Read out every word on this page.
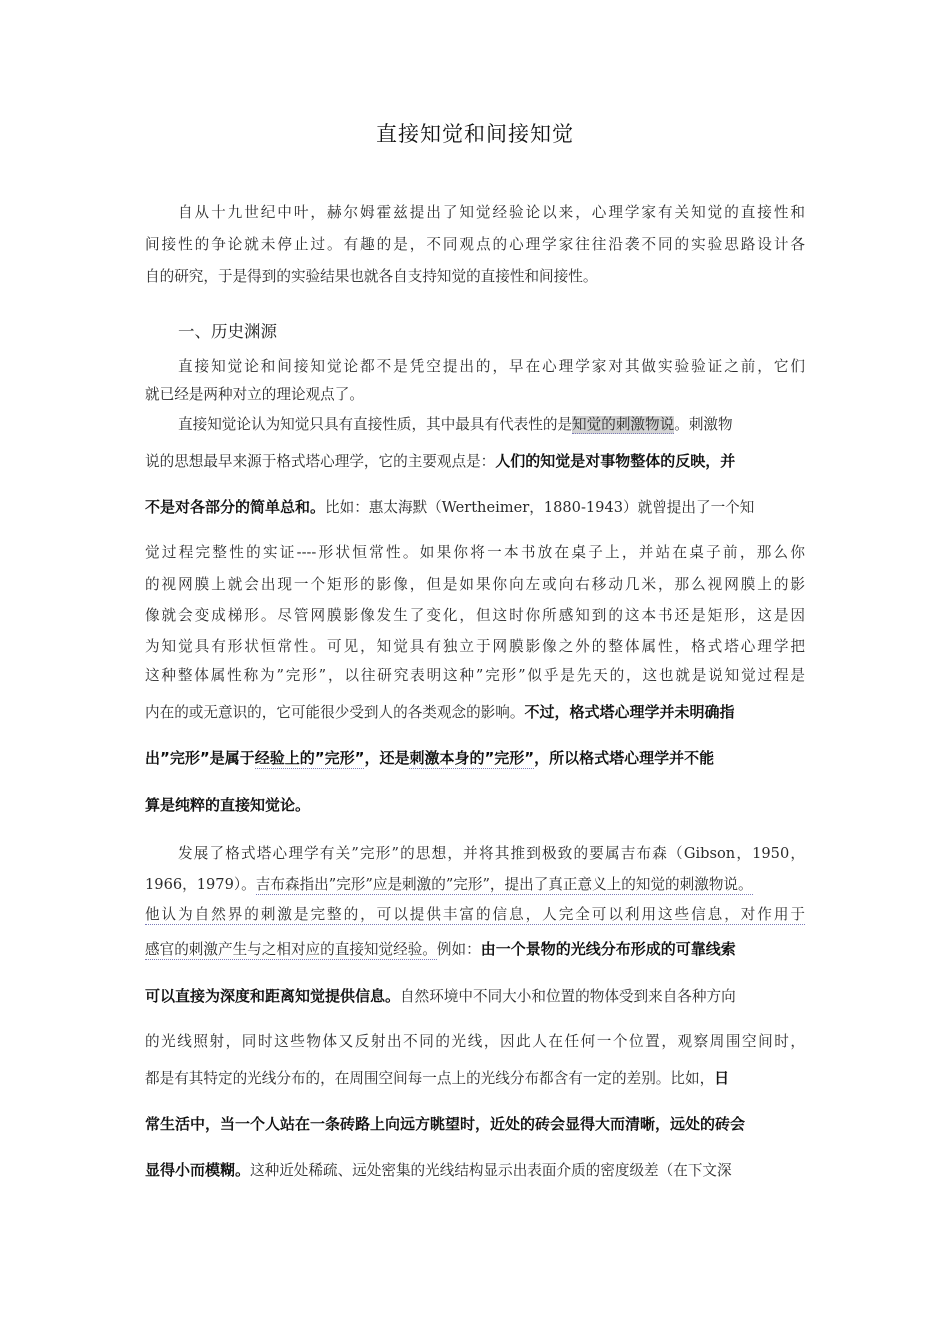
直接知觉和间接知觉
自从十九世纪中叶，赫尔姆霍兹提出了知觉经验论以来，心理学家有关知觉的直接性和
间接性的争论就未停止过。有趣的是，不同观点的心理学家往往沿袭不同的实验思路设计各
自的研究，于是得到的实验结果也就各自支持知觉的直接性和间接性。
一、历史渊源
直接知觉论和间接知觉论都不是凭空提出的，早在心理学家对其做实验验证之前，它们
就已经是两种对立的理论观点了。
直接知觉论认为知觉只具有直接性质，其中最具有代表性的是知觉的刺激物说。刺激物
说的思想最早来源于格式塔心理学，它的主要观点是：人们的知觉是对事物整体的反映，并
不是对各部分的简单总和。比如：惠太海默（Wertheimer，1880-1943）就曾提出了一个知
觉过程完整性的实证----形状恒常性。如果你将一本书放在桌子上，并站在桌子前，那么你
的视网膜上就会出现一个矩形的影像，但是如果你向左或向右移动几米，那么视网膜上的影
像就会变成梯形。尽管网膜影像发生了变化，但这时你所感知到的这本书还是矩形，这是因
为知觉具有形状恒常性。可见，知觉具有独立于网膜影像之外的整体属性，格式塔心理学把
这种整体属性称为”完形”，以往研究表明这种”完形”似乎是先天的，这也就是说知觉过程是
内在的或无意识的，它可能很少受到人的各类观念的影响。不过，格式塔心理学并未明确指
出”完形”是属于经验上的”完形”，还是刺激本身的”完形”，所以格式塔心理学并不能
算是纯粹的直接知觉论。
发展了格式塔心理学有关”完形”的思想，并将其推到极致的要属吉布森（Gibson，1950，
1966，1979）。吉布森指出”完形”应是刺激的”完形”，提出了真正意义上的知觉的刺激物说。
他认为自然界的刺激是完整的，可以提供丰富的信息，人完全可以利用这些信息，对作用于
感官的刺激产生与之相对应的直接知觉经验。例如：由一个景物的光线分布形成的可靠线索
可以直接为深度和距离知觉提供信息。自然环境中不同大小和位置的物体受到来自各种方向
的光线照射，同时这些物体又反射出不同的光线，因此人在任何一个位置，观察周围空间时，
都是有其特定的光线分布的，在周围空间每一点上的光线分布都含有一定的差别。比如，日
常生活中，当一个人站在一条砖路上向远方眺望时，近处的砖会显得大而清晰，远处的砖会
显得小而模糊。这种近处稀疏、远处密集的光线结构显示出表面介质的密度级差（在下文深
